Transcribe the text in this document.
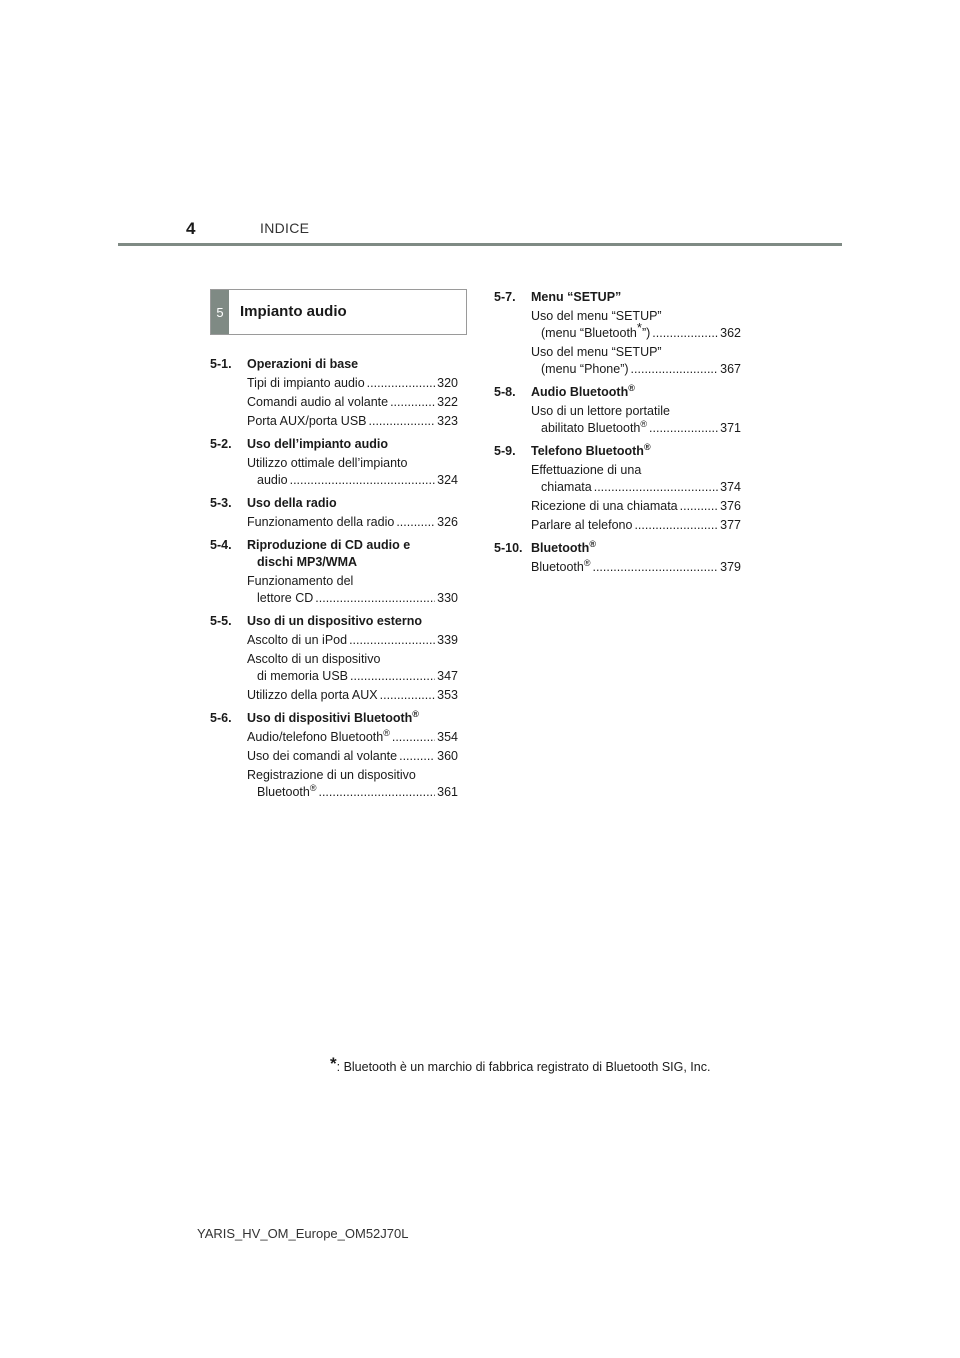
4	INDICE
5	Impianto audio
5-1.	Operazioni di base
Tipi di impianto audio .....	320
Comandi audio al volante .....	322
Porta AUX/porta USB .....	323
5-2.	Uso dell’impianto audio
Utilizzo ottimale dell’impianto
audio .....	324
5-3.	Uso della radio
Funzionamento della radio .....	326
5-4.	Riproduzione di CD audio e
dischi MP3/WMA
Funzionamento del
lettore CD .....	330
5-5.	Uso di un dispositivo esterno
Ascolto di un iPod .....	339
Ascolto di un dispositivo
di memoria USB .....	347
Utilizzo della porta AUX .....	353
5-6.	Uso di dispositivi Bluetooth®
Audio/telefono Bluetooth® .....	354
Uso dei comandi al volante .....	360
Registrazione di un dispositivo
Bluetooth® .....	361
5-7.	Menu “SETUP”
Uso del menu “SETUP”
(menu “Bluetooth*”) .....	362
Uso del menu “SETUP”
(menu “Phone”) .....	367
5-8.	Audio Bluetooth®
Uso di un lettore portatile
abilitato Bluetooth® .....	371
5-9.	Telefono Bluetooth®
Effettuazione di una
chiamata .....	374
Ricezione di una chiamata .....	376
Parlare al telefono .....	377
5-10. Bluetooth®
Bluetooth® .....	379
*: Bluetooth è un marchio di fabbrica registrato di Bluetooth SIG, Inc.
YARIS_HV_OM_Europe_OM52J70L
